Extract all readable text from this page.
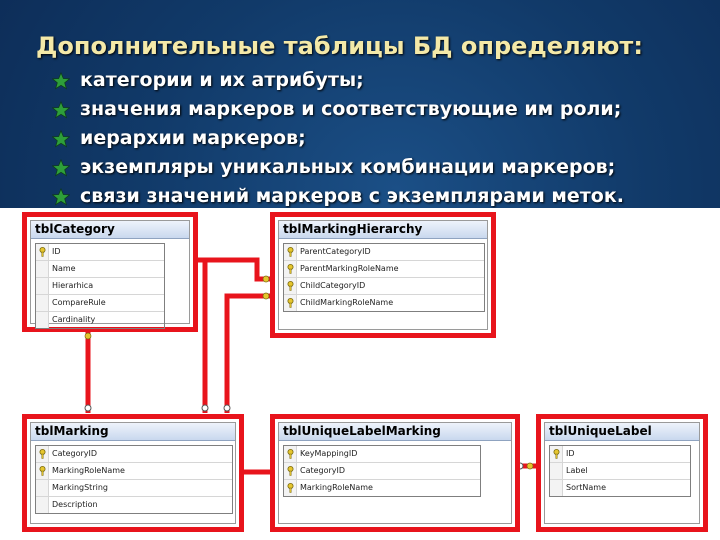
Дополнительные таблицы БД определяют:
категории и их атрибуты;
значения маркеров и соответствующие им роли;
иерархии маркеров;
экземпляры уникальных комбинации маркеров;
связи значений маркеров с экземплярами меток.
tblCategory
ID
Name
Hierarhica
CompareRule
Cardinality
tblMarkingHierarchy
ParentCategoryID
ParentMarkingRoleName
ChildCategoryID
ChildMarkingRoleName
tblMarking
CategoryID
MarkingRoleName
MarkingString
Description
tblUniqueLabelMarking
KeyMappingID
CategoryID
MarkingRoleName
tblUniqueLabel
ID
Label
SortName
